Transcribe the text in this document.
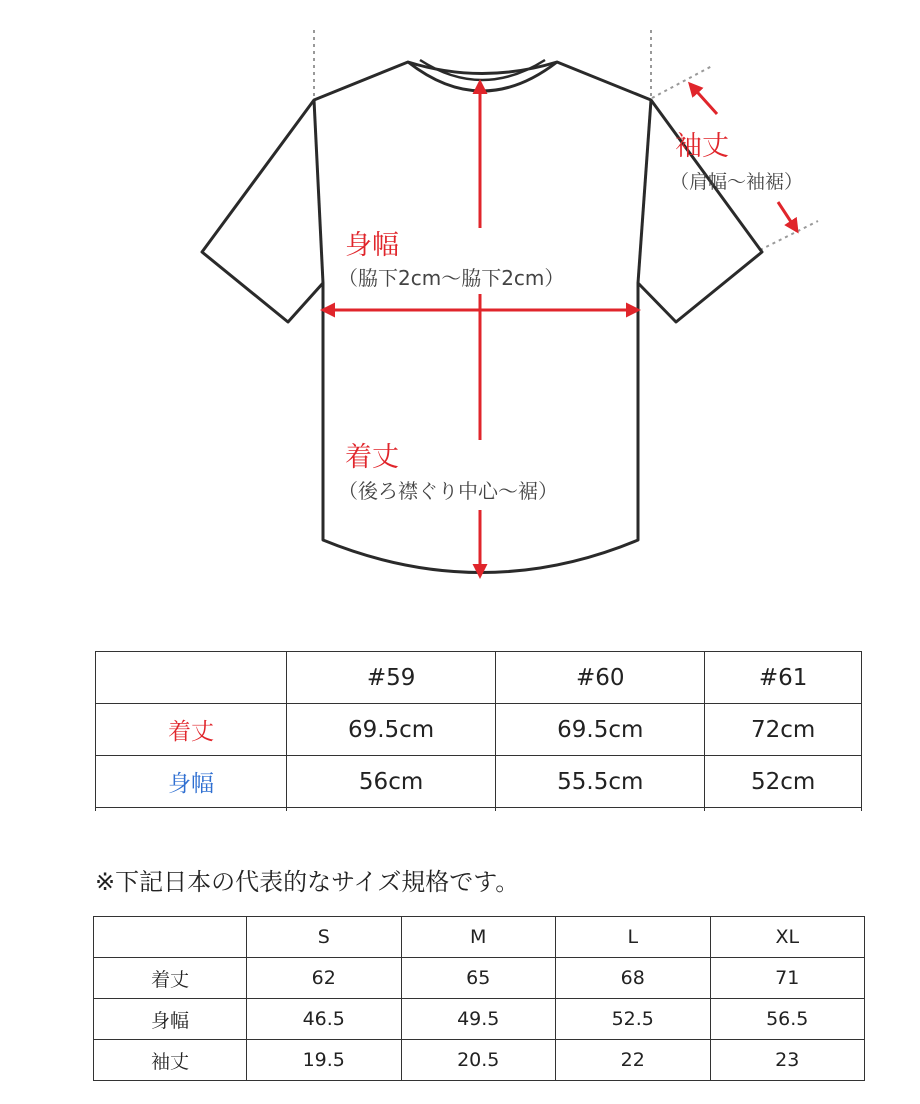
袖丈
（肩幅〜袖裾）
身幅
（脇下2cm〜脇下2cm）
着丈
（後ろ襟ぐり中心〜裾）
	#59	#60	#61
着丈	69.5cm	69.5cm	72cm
身幅	56cm	55.5cm	52cm

※下記日本の代表的なサイズ規格です。

	S	M	L	XL
着丈	62	65	68	71
身幅	46.5	49.5	52.5	56.5
袖丈	19.5	20.5	22	23
